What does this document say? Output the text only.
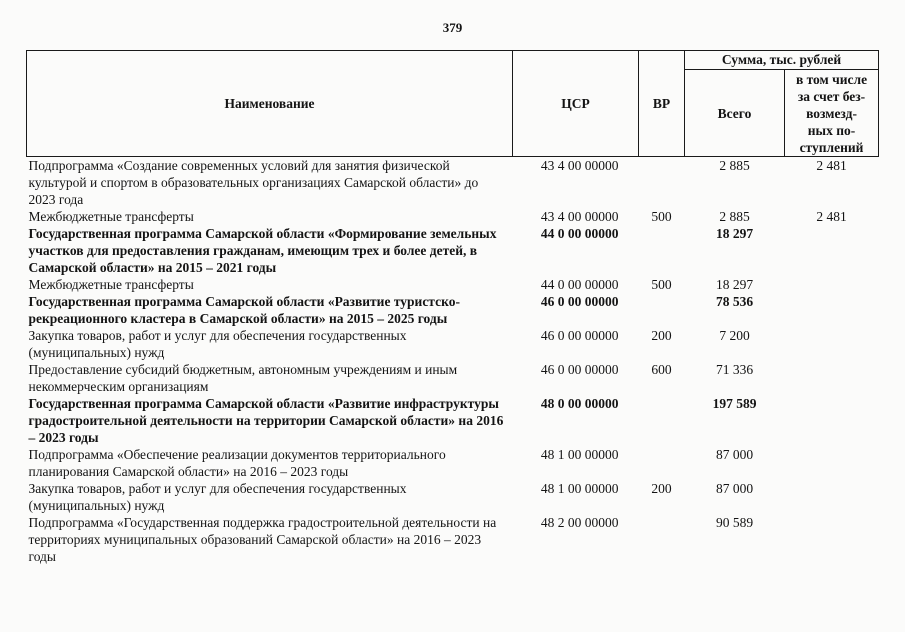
379
Наименование	ЦСР	ВР	Сумма, тыс. рублей	
			Всего	в том числе
за счет без-
возмезд-
ных по-
ступлений

Подпрограмма «Создание современных условий для занятия физической культурой и спортом в образовательных организациях Самарской области» до 2023 года	43 4 00 00000		2 885	2 481
Межбюджетные трансферты	43 4 00 00000	500	2 885	2 481
Государственная программа Самарской области «Формирование земельных участков для предоставления гражданам, имеющим трех и более детей, в Самарской области» на 2015 – 2021 годы	44 0 00 00000		18 297	
Межбюджетные трансферты	44 0 00 00000	500	18 297	
Государственная программа Самарской области «Развитие туристско-рекреационного кластера в Самарской области» на 2015 – 2025 годы	46 0 00 00000		78 536	
Закупка товаров, работ и услуг для обеспечения государственных (муниципальных) нужд	46 0 00 00000	200	7 200	
Предоставление субсидий бюджетным, автономным учреждениям и иным некоммерческим организациям	46 0 00 00000	600	71 336	
Государственная программа Самарской области «Развитие инфраструктуры градостроительной деятельности на территории Самарской области» на 2016 – 2023 годы	48 0 00 00000		197 589	
Подпрограмма «Обеспечение реализации документов территориального планирования Самарской области» на 2016 – 2023 годы	48 1 00 00000		87 000	
Закупка товаров, работ и услуг для обеспечения государственных (муниципальных) нужд	48 1 00 00000	200	87 000	
Подпрограмма «Государственная поддержка градостроительной деятельности на территориях муниципальных образований Самарской области» на 2016 – 2023 годы	48 2 00 00000		90 589	
